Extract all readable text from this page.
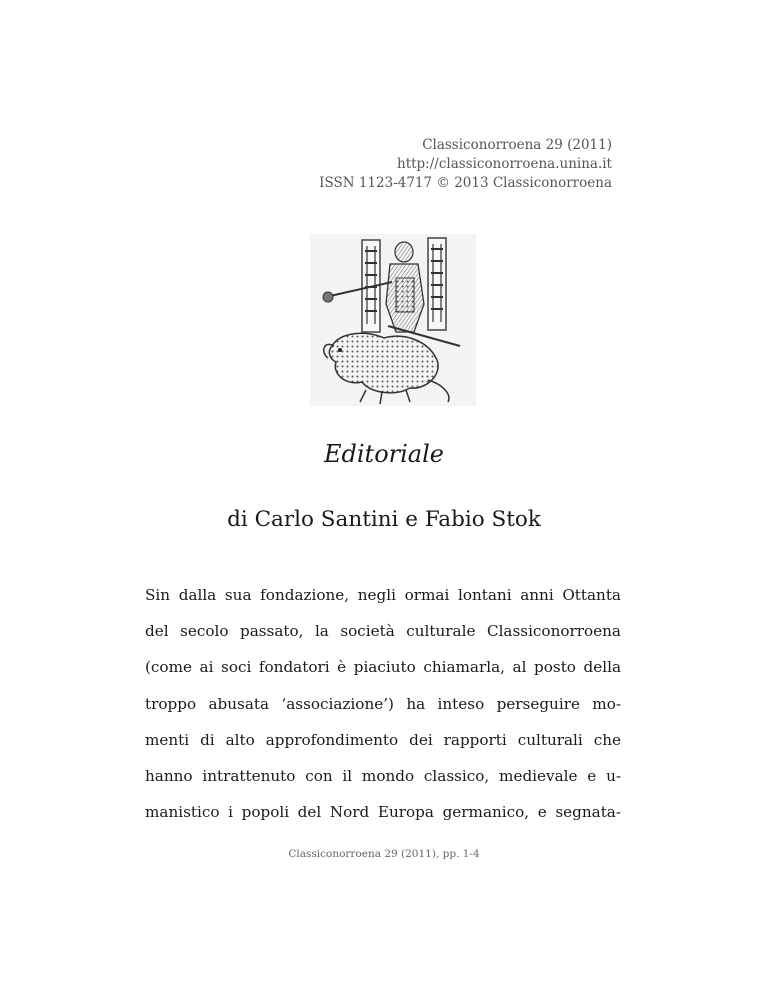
Classiconorroena 29 (2011)
http://classiconorroena.unina.it
ISSN 1123-4717 © 2013 Classiconorroena
Editoriale
di Carlo Santini e Fabio Stok
Sin dalla sua fondazione, negli ormai lontani anni Ottanta
del secolo passato, la società culturale Classiconorroena
(come ai soci fondatori è piaciuto chiamarla, al posto della
troppo abusata ‘associazione’) ha inteso perseguire mo-
menti di alto approfondimento dei rapporti culturali che
hanno intrattenuto con il mondo classico, medievale e u-
manistico i popoli del Nord Europa germanico, e segnata-
Classiconorroena 29 (2011), pp. 1-4
